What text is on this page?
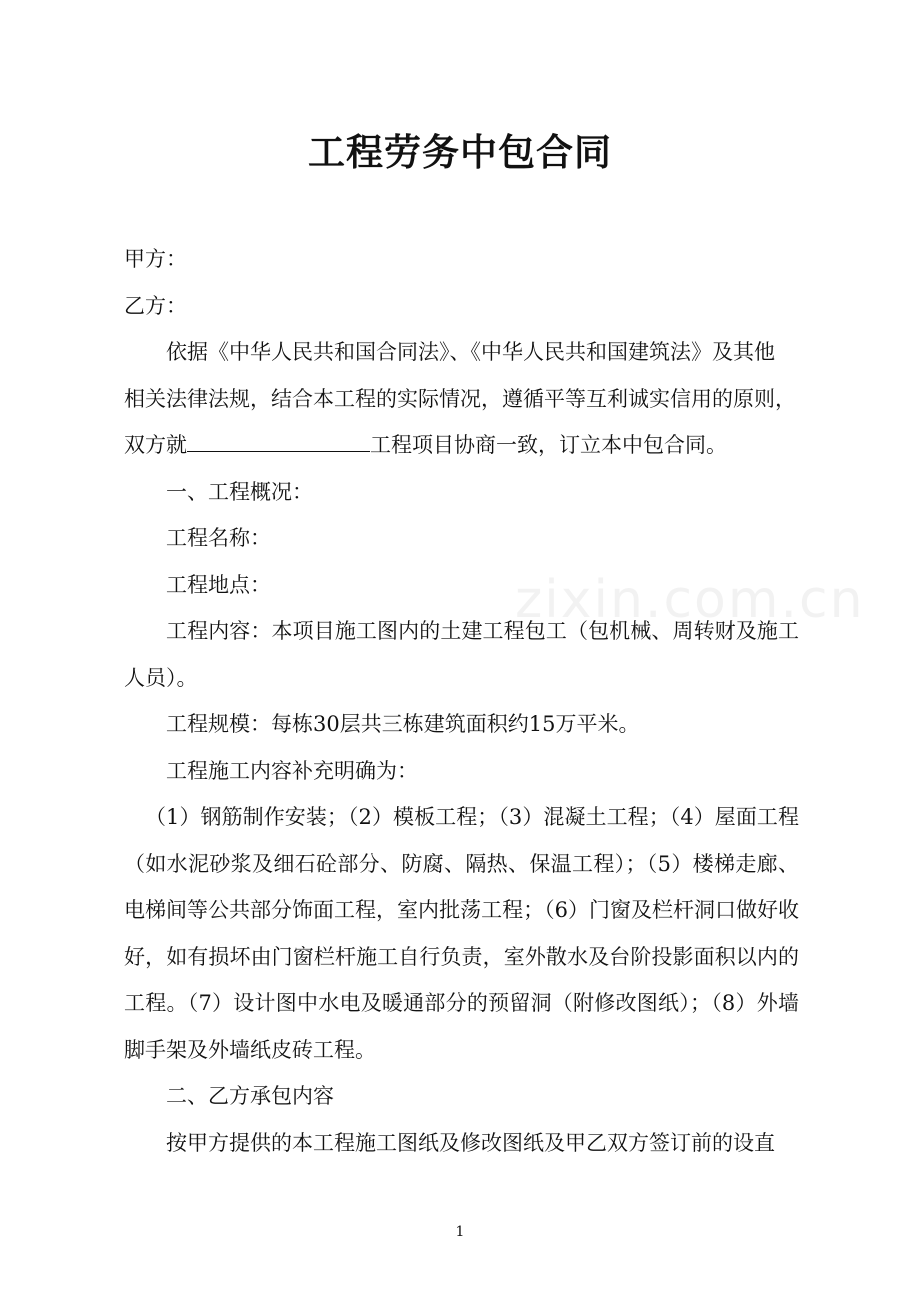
工程劳务中包合同
zixin.com.cn

甲方：

乙方：

依据《中华人民共和国合同法》、《中华人民共和国建筑法》及其他

相关法律法规，结合本工程的实际情况，遵循平等互利诚实信用的原则，

双方就	工程项目协商一致，订立本中包合同。

一、工程概况：

工程名称：

工程地点：

工程内容：本项目施工图内的土建工程包工（包机械、周转财及施工人员）。

工程规模：每栋30层共三栋建筑面积约15万平米。

工程施工内容补充明确为：

（1）钢筋制作安装；（2）模板工程；（3）混凝土工程；（4）屋面工程（如水泥砂浆及细石砼部分、防腐、隔热、保温工程）；（5）楼梯走廊、电梯间等公共部分饰面工程，室内批荡工程；（6）门窗及栏杆洞口做好收好，如有损坏由门窗栏杆施工自行负责，室外散水及台阶投影面积以内的工程。（7）设计图中水电及暖通部分的预留洞（附修改图纸）；（8）外墙脚手架及外墙纸皮砖工程。

二、乙方承包内容

按甲方提供的本工程施工图纸及修改图纸及甲乙双方签订前的设直

1
